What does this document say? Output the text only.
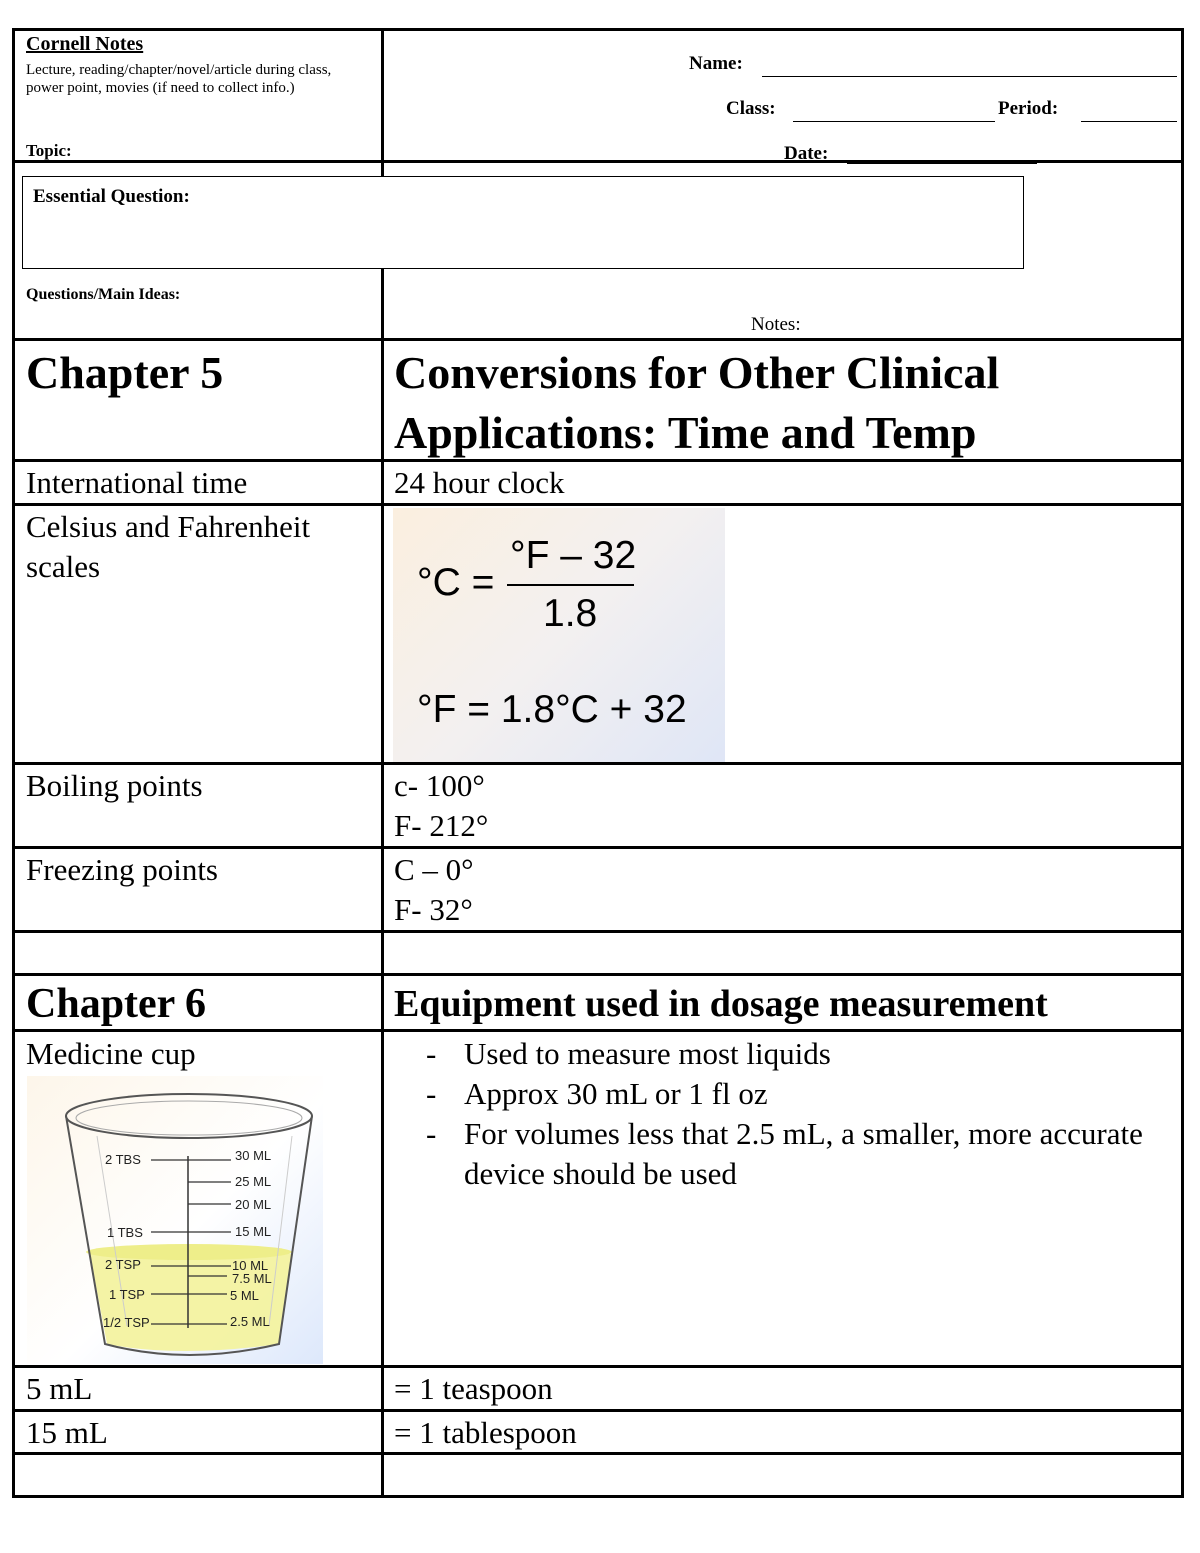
Cornell Notes
Lecture, reading/chapter/novel/article during class, power point, movies (if need to collect info.)
Topic:
Name:
Class:	Period:
Date:
Essential Question:
Questions/Main Ideas:
Notes:
Chapter 5	Conversions for Other Clinical Applications: Time and Temp
International time	24 hour clock
Celsius and Fahrenheit scales	°C =
°F – 32
1.8
°F = 1.8°C + 32
Boiling points	c- 100°
F- 212°
Freezing points	C – 0°
F- 32°
Chapter 6	Equipment used in dosage measurement
Medicine cup	- Used to measure most liquids
- Approx 30 mL or 1 fl oz
- For volumes less that 2.5 mL, a smaller, more accurate device should be used
2 TBS
1 TBS
2 TSP
1 TSP
1/2 TSP
30 ML
25 ML
20 ML
15 ML
10 ML
7.5 ML
5 ML
2.5 ML
5 mL	= 1 teaspoon
15 mL	= 1 tablespoon
